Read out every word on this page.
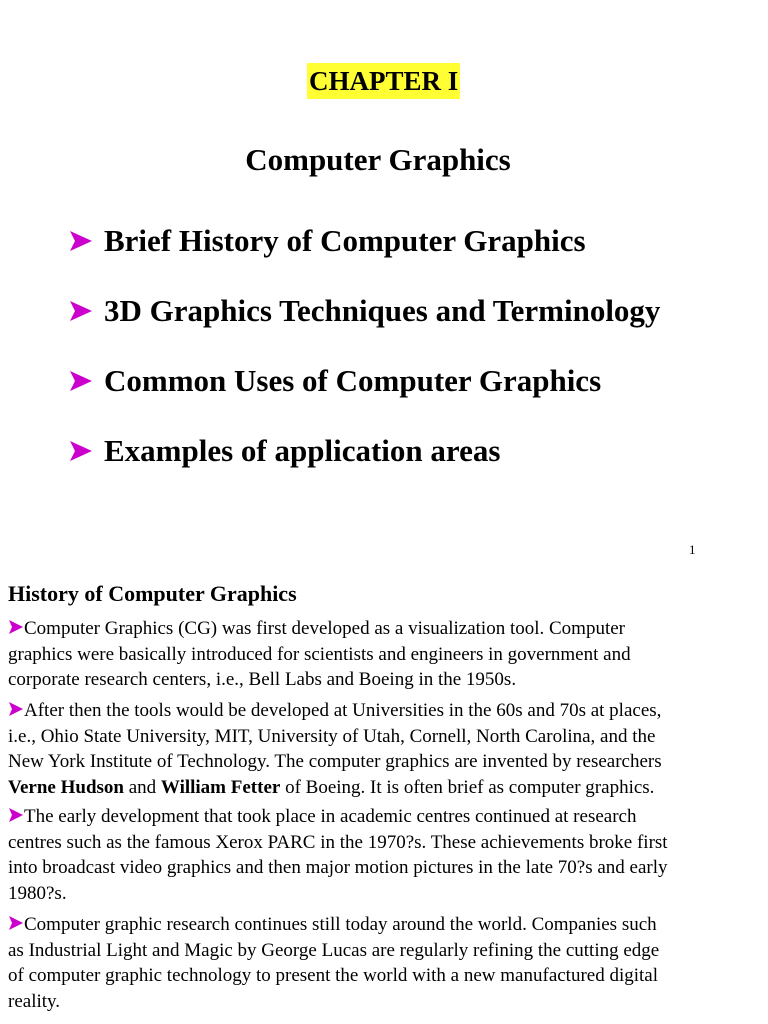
CHAPTER I
Computer Graphics
Brief History of Computer Graphics
3D Graphics Techniques and Terminology
Common Uses of Computer Graphics
Examples of application areas
1
History of Computer Graphics
Computer Graphics (CG) was first developed as a visualization tool. Computer
graphics were basically introduced for scientists and engineers in government and
corporate research centers, i.e., Bell Labs and Boeing in the 1950s.
After then the tools would be developed at Universities in the 60s and 70s at places,
i.e., Ohio State University, MIT, University of Utah, Cornell, North Carolina, and the
New York Institute of Technology. The computer graphics are invented by researchers
Verne Hudson and William Fetter of Boeing. It is often brief as computer graphics.
The early development that took place in academic centres continued at research
centres such as the famous Xerox PARC in the 1970?s. These achievements broke first
into broadcast video graphics and then major motion pictures in the late 70?s and early
1980?s.
Computer graphic research continues still today around the world. Companies such
as Industrial Light and Magic by George Lucas are regularly refining the cutting edge
of computer graphic technology to present the world with a new manufactured digital
reality.
